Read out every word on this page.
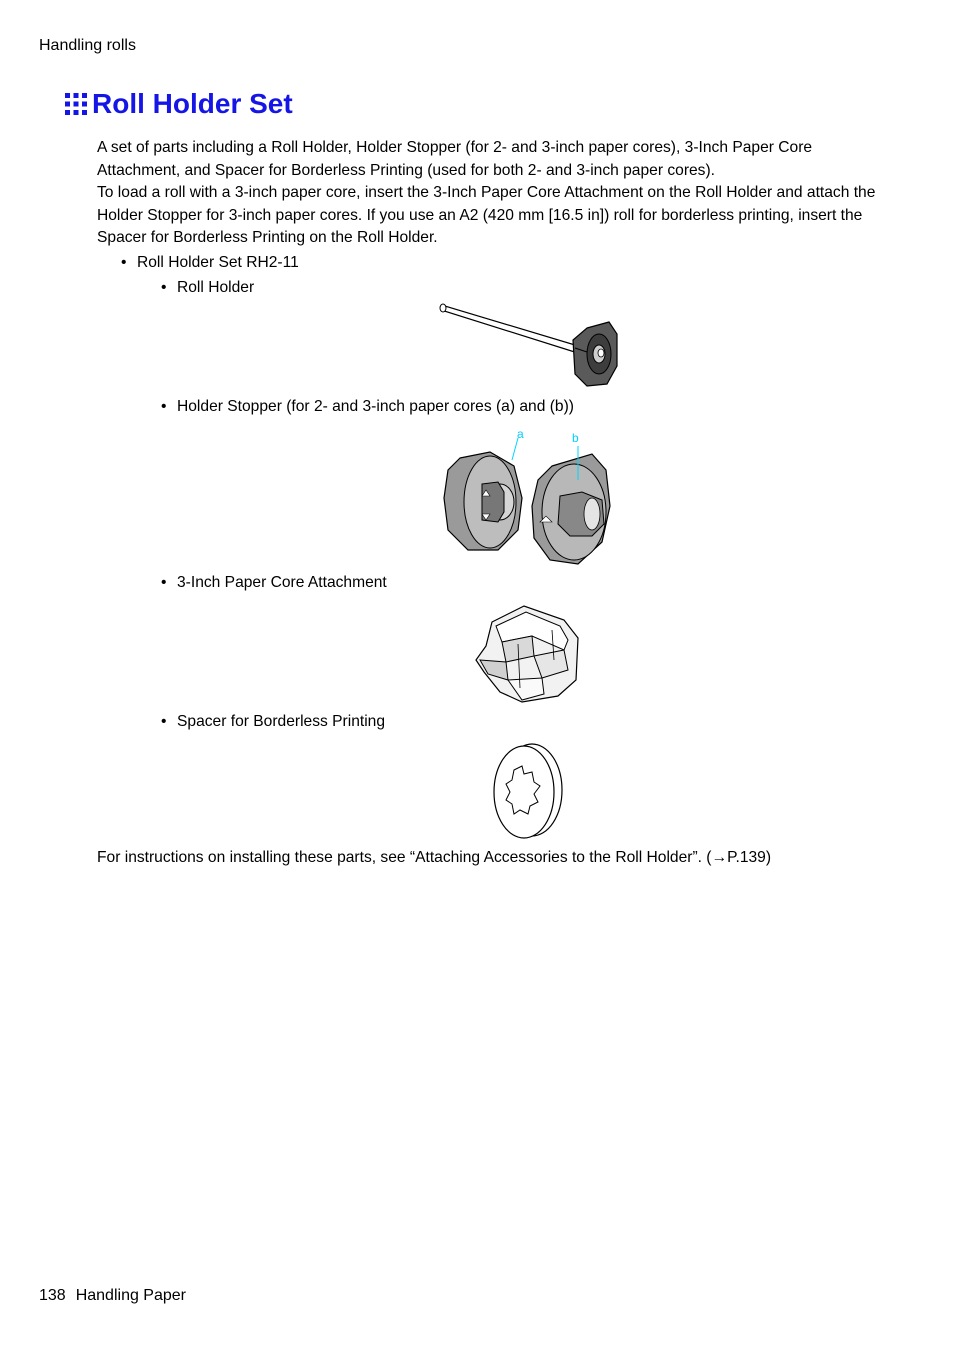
Handling rolls
Roll Holder Set

A set of parts including a Roll Holder, Holder Stopper (for 2- and 3-inch paper cores), 3-Inch Paper Core Attachment, and Spacer for Borderless Printing (used for both 2- and 3-inch paper cores).

To load a roll with a 3-inch paper core, insert the 3-Inch Paper Core Attachment on the Roll Holder and attach the Holder Stopper for 3-inch paper cores. If you use an A2 (420 mm [16.5 in]) roll for borderless printing, insert the Spacer for Borderless Printing on the Roll Holder.

• Roll Holder Set RH2-11
• Roll Holder
• Holder Stopper (for 2- and 3-inch paper cores (a) and (b))
a	b
• 3-Inch Paper Core Attachment
• Spacer for Borderless Printing
For instructions on installing these parts, see “Attaching Accessories to the Roll Holder”. (→P.139)
138 Handling Paper
